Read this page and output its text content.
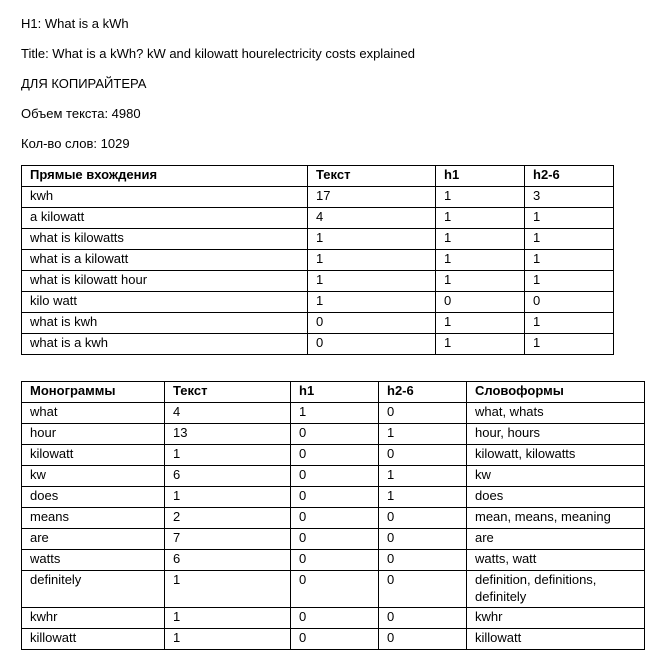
H1: What is a kWh
Title: What is a kWh? kW and kilowatt hourelectricity costs explained
ДЛЯ КОПИРАЙТЕРА
Объем текста: 4980
Кол-во слов: 1029
Прямые вхождения	Текст	h1	h2-6
kwh	17	1	3
a kilowatt	4	1	1
what is kilowatts	1	1	1
what is a kilowatt	1	1	1
what is kilowatt hour	1	1	1
kilo watt	1	0	0
what is kwh	0	1	1
what is a kwh	0	1	1
Монограммы	Текст	h1	h2-6	Словоформы
what	4	1	0	what, whats
hour	13	0	1	hour, hours
kilowatt	1	0	0	kilowatt, kilowatts
kw	6	0	1	kw
does	1	0	1	does
means	2	0	0	mean, means, meaning
are	7	0	0	are
watts	6	0	0	watts, watt
definitely	1	0	0	definition, definitions, definitely
kwhr	1	0	0	kwhr
killowatt	1	0	0	killowatt
